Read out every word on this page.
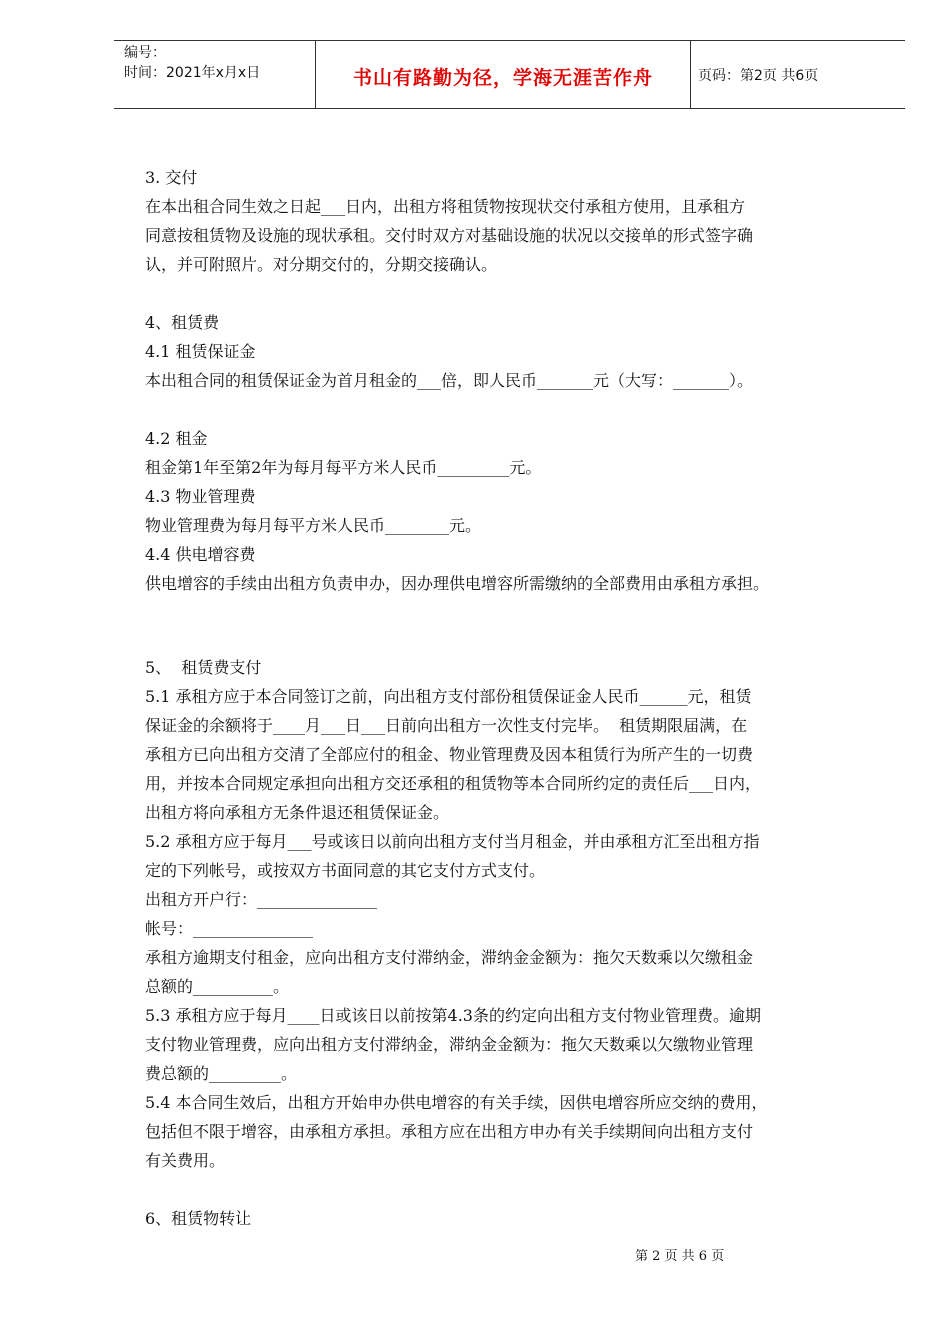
编号：
时间：2021年x月x日	书山有路勤为径，学海无涯苦作舟	页码：第2页 共6页

3. 交付

在本出租合同生效之日起___日内，出租方将租赁物按现状交付承租方使用，且承租方

同意按租赁物及设施的现状承租。交付时双方对基础设施的状况以交接单的形式签字确

认，并可附照片。对分期交付的，分期交接确认。

4、租赁费

4.1 租赁保证金

本出租合同的租赁保证金为首月租金的___倍，即人民币_______元（大写：_______）。

4.2 租金

租金第1年至第2年为每月每平方米人民币_________元。

4.3 物业管理费

物业管理费为每月每平方米人民币________元。

4.4 供电增容费

供电增容的手续由出租方负责申办，因办理供电增容所需缴纳的全部费用由承租方承担。

5、  租赁费支付

5.1 承租方应于本合同签订之前，向出租方支付部份租赁保证金人民币______元，租赁

保证金的余额将于____月___日___日前向出租方一次性支付完毕。  租赁期限届满，在

承租方已向出租方交清了全部应付的租金、物业管理费及因本租赁行为所产生的一切费

用，并按本合同规定承担向出租方交还承租的租赁物等本合同所约定的责任后___日内，

出租方将向承租方无条件退还租赁保证金。

5.2 承租方应于每月___号或该日以前向出租方支付当月租金，并由承租方汇至出租方指

定的下列帐号，或按双方书面同意的其它支付方式支付。

出租方开户行：_______________

帐号：_______________

承租方逾期支付租金，应向出租方支付滞纳金，滞纳金金额为：拖欠天数乘以欠缴租金

总额的__________。

5.3 承租方应于每月____日或该日以前按第4.3条的约定向出租方支付物业管理费。逾期

支付物业管理费，应向出租方支付滞纳金，滞纳金金额为：拖欠天数乘以欠缴物业管理

费总额的_________。

5.4 本合同生效后，出租方开始申办供电增容的有关手续，因供电增容所应交纳的费用，

包括但不限于增容，由承租方承担。承租方应在出租方申办有关手续期间向出租方支付

有关费用。

6、租赁物转让

第 2 页 共 6 页
